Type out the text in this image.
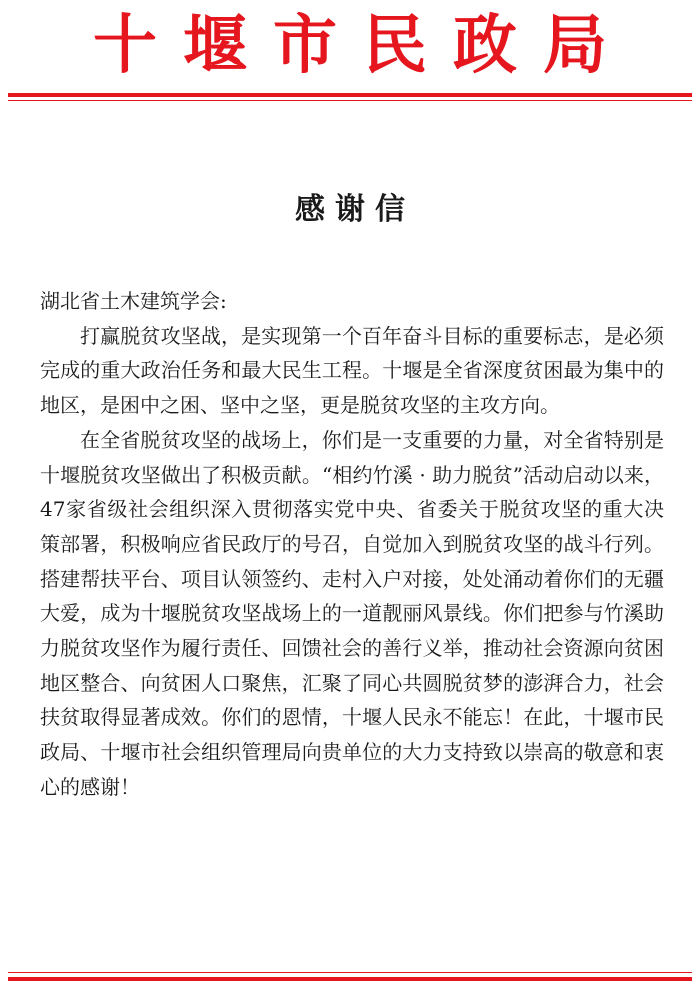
十堰市民政局
感谢信

湖北省土木建筑学会:

打赢脱贫攻坚战，是实现第一个百年奋斗目标的重要标志，是必须完成的重大政治任务和最大民生工程。十堰是全省深度贫困最为集中的地区，是困中之困、坚中之坚，更是脱贫攻坚的主攻方向。

在全省脱贫攻坚的战场上，你们是一支重要的力量，对全省特别是十堰脱贫攻坚做出了积极贡献。“相约竹溪 · 助力脱贫”活动启动以来，47家省级社会组织深入贯彻落实党中央、省委关于脱贫攻坚的重大决策部署，积极响应省民政厅的号召，自觉加入到脱贫攻坚的战斗行列。搭建帮扶平台、项目认领签约、走村入户对接，处处涌动着你们的无疆大爱，成为十堰脱贫攻坚战场上的一道靓丽风景线。你们把参与竹溪助力脱贫攻坚作为履行责任、回馈社会的善行义举，推动社会资源向贫困地区整合、向贫困人口聚焦，汇聚了同心共圆脱贫梦的澎湃合力，社会扶贫取得显著成效。你们的恩情，十堰人民永不能忘！在此，十堰市民政局、十堰市社会组织管理局向贵单位的大力支持致以崇高的敬意和衷心的感谢！
